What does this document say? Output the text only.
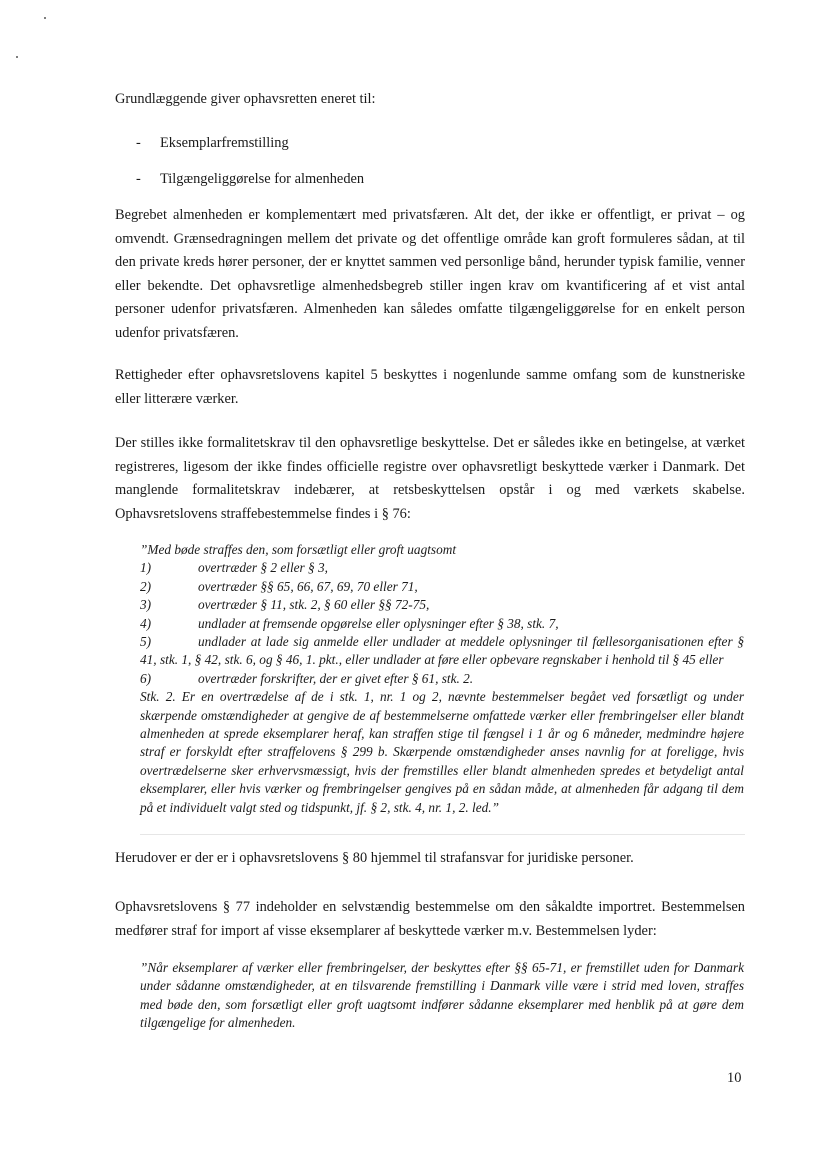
Grundlæggende giver ophavsretten eneret til:

- Eksemplarfremstilling
- Tilgængeliggørelse for almenheden

Begrebet almenheden er komplementært med privatsfæren. Alt det, der ikke er offentligt, er privat – og omvendt. Grænsedragningen mellem det private og det offentlige område kan groft formuleres sådan, at til den private kreds hører personer, der er knyttet sammen ved personlige bånd, herunder typisk familie, venner eller bekendte. Det ophavsretlige almenhedsbegreb stiller ingen krav om kvantificering af et vist antal personer udenfor privatsfæren. Almenheden kan således omfatte tilgængeliggørelse for en enkelt person udenfor privatsfæren.

Rettigheder efter ophavsretslovens kapitel 5 beskyttes i nogenlunde samme omfang som de kunstneriske eller litterære værker.

Der stilles ikke formalitetskrav til den ophavsretlige beskyttelse. Det er således ikke en betingelse, at værket registreres, ligesom der ikke findes officielle registre over ophavsretligt beskyttede værker i Danmark. Det manglende formalitetskrav indebærer, at retsbeskyttelsen opstår i og med værkets skabelse. Ophavsretslovens straffebestemmelse findes i § 76:

”Med bøde straffes den, som forsætligt eller groft uagtsomt
1)	overtræder § 2 eller § 3,
2)	overtræder §§ 65, 66, 67, 69, 70 eller 71,
3)	overtræder § 11, stk. 2, § 60 eller §§ 72-75,
4)	undlader at fremsende opgørelse eller oplysninger efter § 38, stk. 7,
5)	undlader at lade sig anmelde eller undlader at meddele oplysninger til fællesorganisationen efter § 41, stk. 1, § 42, stk. 6, og § 46, 1. pkt., eller undlader at føre eller opbevare regnskaber i henhold til § 45 eller
6)	overtræder forskrifter, der er givet efter § 61, stk. 2.
Stk. 2. Er en overtrædelse af de i stk. 1, nr. 1 og 2, nævnte bestemmelser begået ved forsætligt og under skærpende omstændigheder at gengive de af bestemmelserne omfattede værker eller frembringelser eller blandt almenheden at sprede eksemplarer heraf, kan straffen stige til fængsel i 1 år og 6 måneder, medmindre højere straf er forskyldt efter straffelovens § 299 b. Skærpende omstændigheder anses navnlig for at foreligge, hvis overtrædelserne sker erhvervsmæssigt, hvis der fremstilles eller blandt almenheden spredes et betydeligt antal eksemplarer, eller hvis værker og frembringelser gengives på en sådan måde, at almenheden får adgang til dem på et individuelt valgt sted og tidspunkt, jf. § 2, stk. 4, nr. 1, 2. led.”

Herudover er der er i ophavsretslovens § 80 hjemmel til strafansvar for juridiske personer.

Ophavsretslovens § 77 indeholder en selvstændig bestemmelse om den såkaldte importret. Bestemmelsen medfører straf for import af visse eksemplarer af beskyttede værker m.v. Bestemmelsen lyder:

”Når eksemplarer af værker eller frembringelser, der beskyttes efter §§ 65-71, er fremstillet uden for Danmark under sådanne omstændigheder, at en tilsvarende fremstilling i Danmark ville være i strid med loven, straffes med bøde den, som forsætligt eller groft uagtsomt indfører sådanne eksemplarer med henblik på at gøre dem tilgængelige for almenheden.
10
